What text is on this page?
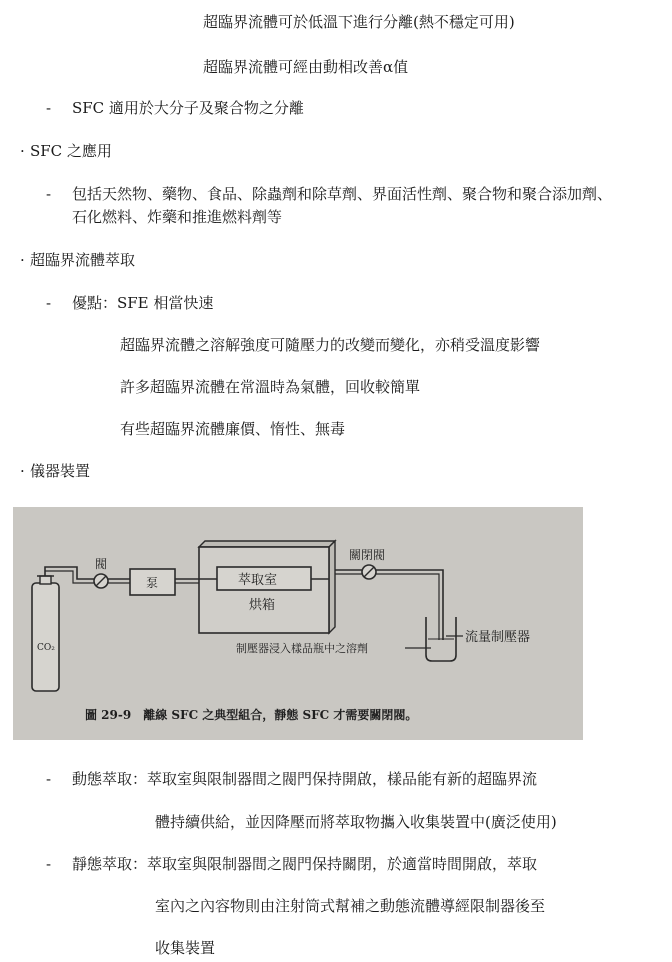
超臨界流體可於低溫下進行分離(熱不穩定可用)
超臨界流體可經由動相改善α值
- SFC 適用於大分子及聚合物之分離
· SFC 之應用
- 包括天然物、藥物、食品、除蟲劑和除草劑、界面活性劑、聚合物和聚合添加劑、
石化燃料、炸藥和推進燃料劑等
· 超臨界流體萃取
- 優點：SFE 相當快速
超臨界流體之溶解強度可隨壓力的改變而變化，亦稍受溫度影響
許多超臨界流體在常溫時為氣體，回收較簡單
有些超臨界流體廉價、惰性、無毒
· 儀器裝置
CO₂
閥
泵	萃取室
烘箱
關閉閥
流量制壓器
制壓器浸入樣品瓶中之溶劑
圖 29-9　離線 SFC 之典型組合，靜態 SFC 才需要關閉閥。
- 動態萃取：萃取室與限制器間之閥門保持開啟，樣品能有新的超臨界流
體持續供給，並因降壓而將萃取物攜入收集裝置中(廣泛使用)
- 靜態萃取：萃取室與限制器間之閥門保持關閉，於適當時間開啟，萃取
室內之內容物則由注射筒式幫補之動態流體導經限制器後至
收集裝置
